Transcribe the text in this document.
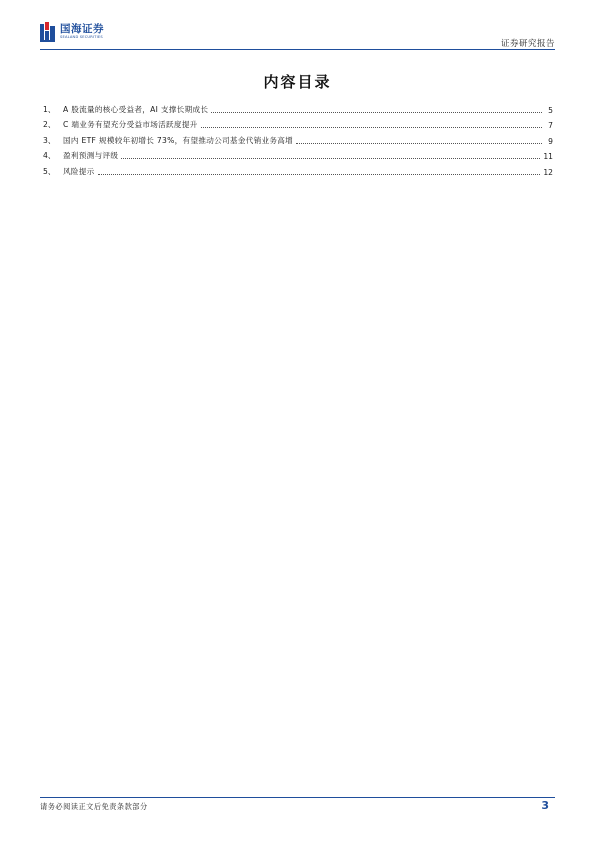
国海证券
SEALAND SECURITIES
证券研究报告
内容目录
1、 A 股流量的核心受益者，AI 支撑长期成长	5
2、 C 端业务有望充分受益市场活跃度提升	7
3、 国内 ETF 规模较年初增长 73%，有望推动公司基金代销业务高增	9
4、 盈利预测与评级	11
5、 风险提示	12
请务必阅读正文后免责条款部分	3
